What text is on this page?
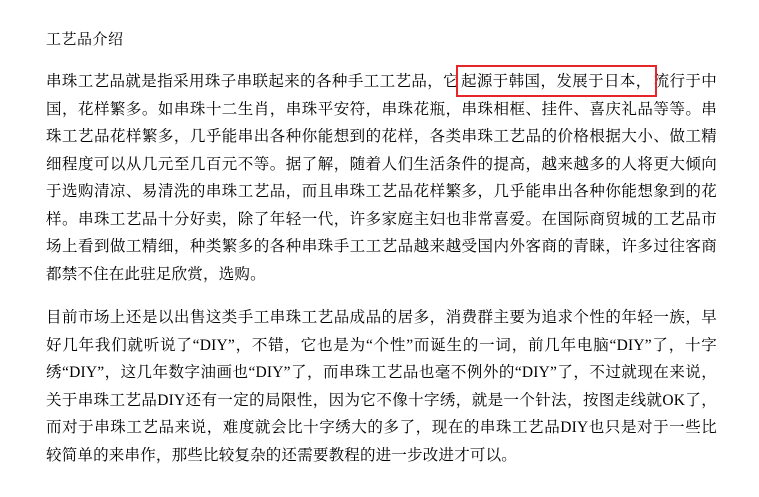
工艺品介绍

串珠工艺品就是指采用珠子串联起来的各种手工工艺品，它 起源于韩国，发展于日本， 流行于中国，花样繁多。如串珠十二生肖，串珠平安符，串珠花瓶，串珠相框、挂件、喜庆礼品等等。串珠工艺品花样繁多，几乎能串出各种你能想到的花样，各类串珠工艺品的价格根据大小、做工精细程度可以从几元至几百元不等。据了解，随着人们生活条件的提高，越来越多的人将更大倾向于选购清凉、易清洗的串珠工艺品，而且串珠工艺品花样繁多，几乎能串出各种你能想象到的花样。串珠工艺品十分好卖，除了年轻一代，许多家庭主妇也非常喜爱。在国际商贸城的工艺品市场上看到做工精细，种类繁多的各种串珠手工工艺品越来越受国内外客商的青睐，许多过往客商都禁不住在此驻足欣赏，选购。

目前市场上还是以出售这类手工串珠工艺品成品的居多，消费群主要为追求个性的年轻一族，早好几年我们就听说了“DIY”，不错，它也是为“个性”而诞生的一词，前几年电脑“DIY”了，十字绣“DIY”，这几年数字油画也“DIY”了，而串珠工艺品也毫不例外的“DIY”了，不过就现在来说，关于串珠工艺品DIY还有一定的局限性，因为它不像十字绣，就是一个针法，按图走线就OK了，而对于串珠工艺品来说，难度就会比十字绣大的多了，现在的串珠工艺品DIY也只是对于一些比较简单的来串作，那些比较复杂的还需要教程的进一步改进才可以。
